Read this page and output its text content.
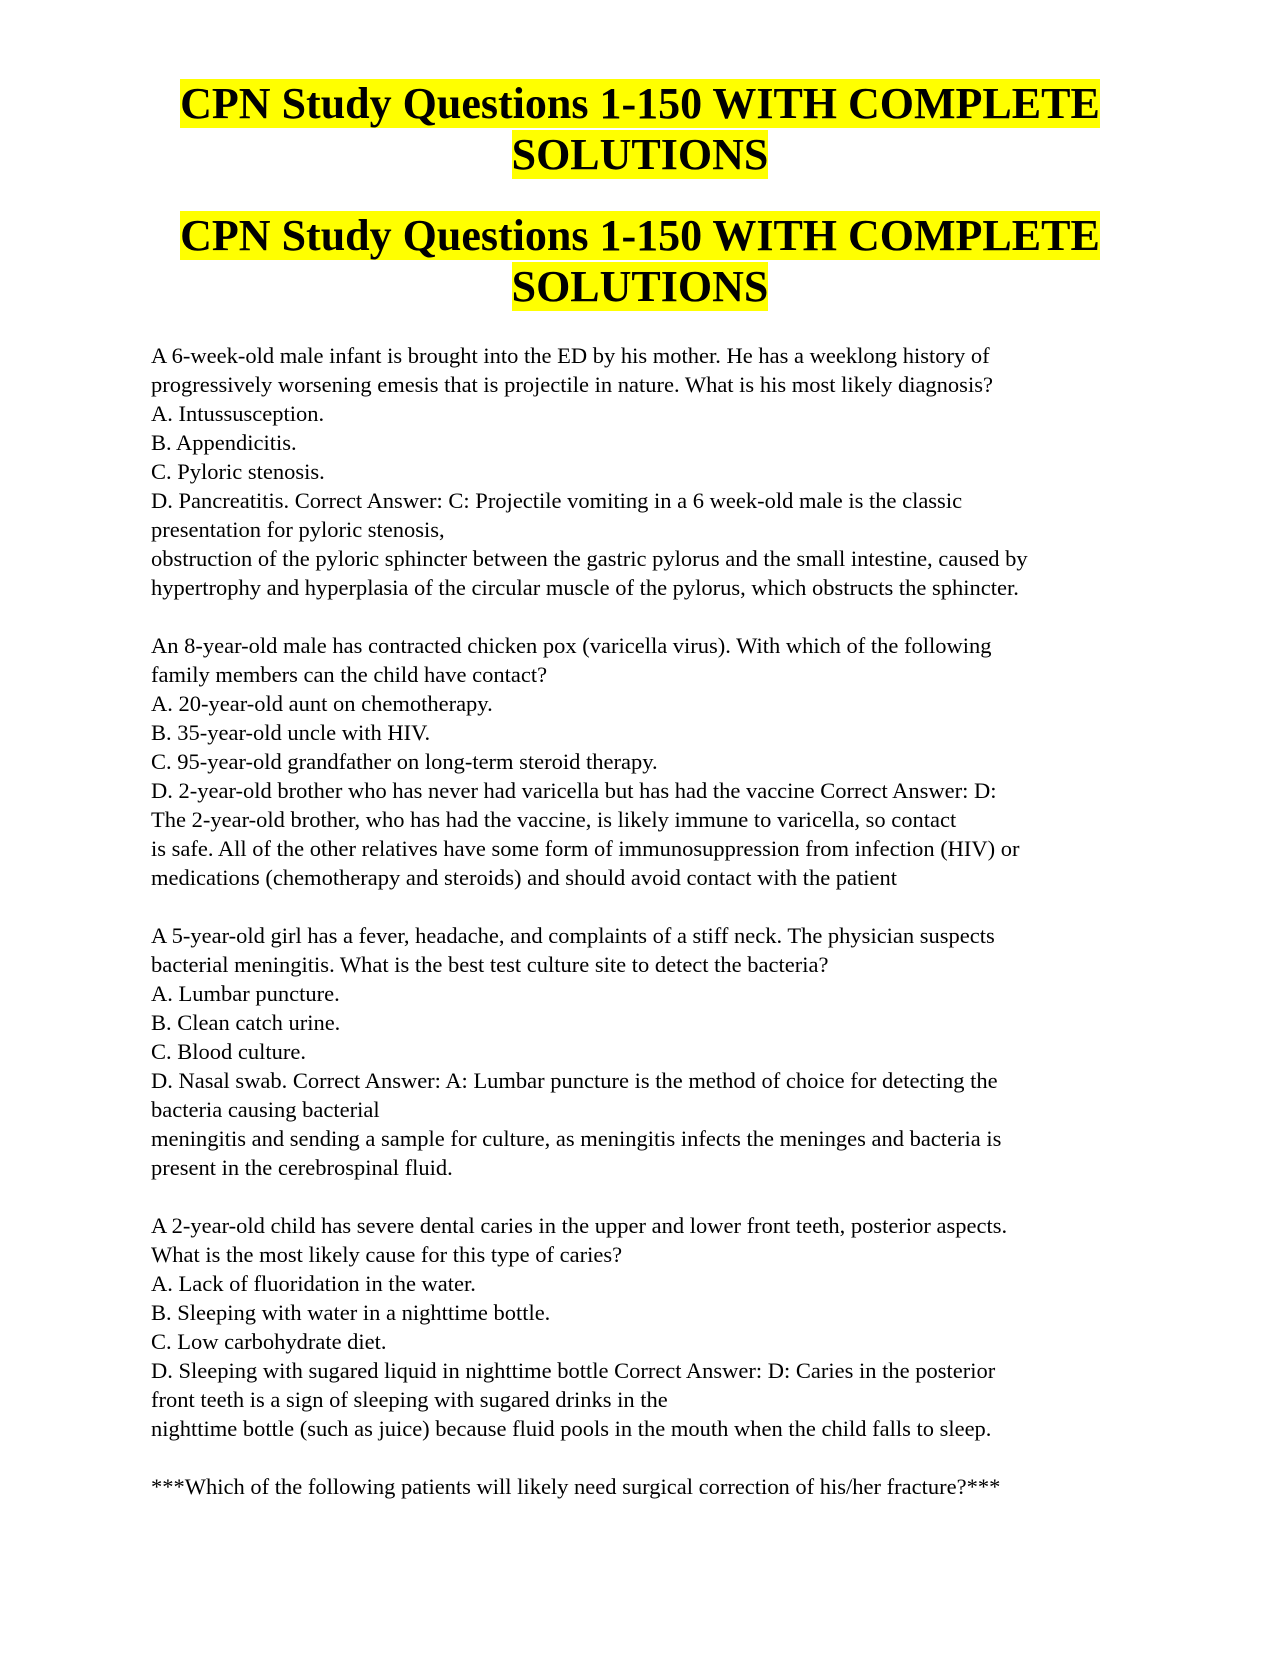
CPN Study Questions 1-150 WITH COMPLETE SOLUTIONS
CPN Study Questions 1-150 WITH COMPLETE SOLUTIONS
A 6-week-old male infant is brought into the ED by his mother. He has a weeklong history of
progressively worsening emesis that is projectile in nature. What is his most likely diagnosis?
A. Intussusception.
B. Appendicitis.
C. Pyloric stenosis.
D. Pancreatitis. Correct Answer: C: Projectile vomiting in a 6 week-old male is the classic
presentation for pyloric stenosis,
obstruction of the pyloric sphincter between the gastric pylorus and the small intestine, caused by
hypertrophy and hyperplasia of the circular muscle of the pylorus, which obstructs the sphincter.
An 8-year-old male has contracted chicken pox (varicella virus). With which of the following
family members can the child have contact?
A. 20-year-old aunt on chemotherapy.
B. 35-year-old uncle with HIV.
C. 95-year-old grandfather on long-term steroid therapy.
D. 2-year-old brother who has never had varicella but has had the vaccine Correct Answer: D:
The 2-year-old brother, who has had the vaccine, is likely immune to varicella, so contact
is safe. All of the other relatives have some form of immunosuppression from infection (HIV) or
medications (chemotherapy and steroids) and should avoid contact with the patient
A 5-year-old girl has a fever, headache, and complaints of a stiff neck. The physician suspects
bacterial meningitis. What is the best test culture site to detect the bacteria?
A. Lumbar puncture.
B. Clean catch urine.
C. Blood culture.
D. Nasal swab. Correct Answer: A: Lumbar puncture is the method of choice for detecting the
bacteria causing bacterial
meningitis and sending a sample for culture, as meningitis infects the meninges and bacteria is
present in the cerebrospinal fluid.
A 2-year-old child has severe dental caries in the upper and lower front teeth, posterior aspects.
What is the most likely cause for this type of caries?
A. Lack of fluoridation in the water.
B. Sleeping with water in a nighttime bottle.
C. Low carbohydrate diet.
D. Sleeping with sugared liquid in nighttime bottle Correct Answer: D: Caries in the posterior
front teeth is a sign of sleeping with sugared drinks in the
nighttime bottle (such as juice) because fluid pools in the mouth when the child falls to sleep.
***Which of the following patients will likely need surgical correction of his/her fracture?***
